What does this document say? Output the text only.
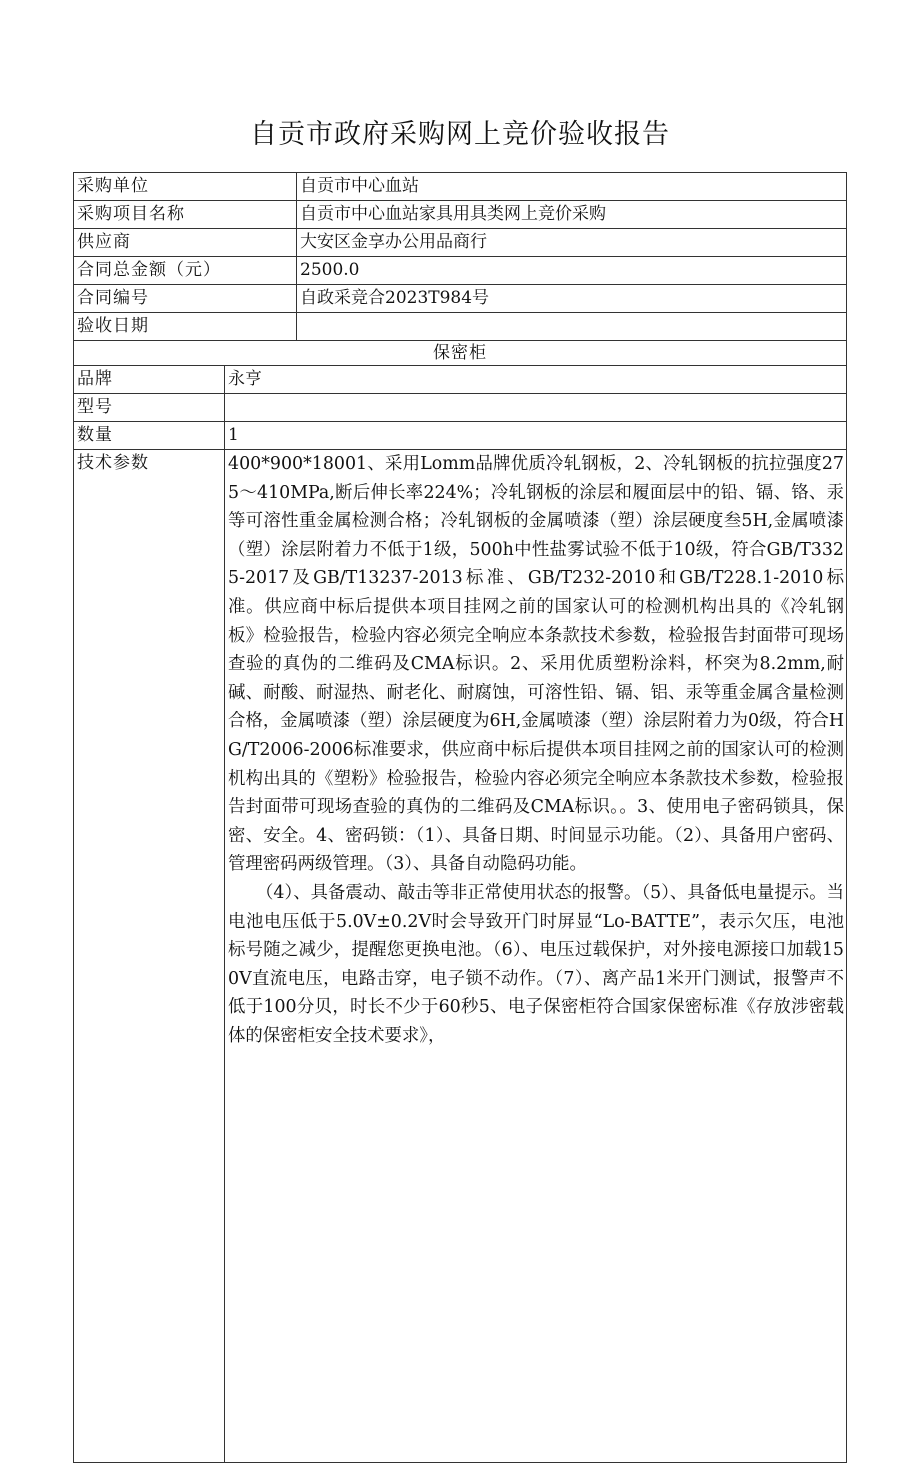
自贡市政府采购网上竞价验收报告
采购单位		自贡市中心血站
采购项目名称		自贡市中心血站家具用具类网上竞价采购
供应商		大安区金享办公用品商行
合同总金额（元）		2500.0
合同编号		自政采竞合2023T984号
验收日期		
保密柜		
品牌	永亨	
型号		
数量	1	
技术参数	400*900*18001、采用Lomm品牌优质冷轧钢板，2、冷轧钢板的抗拉强度275～410MPa,断后伸长率224%；冷轧钢板的涂层和履面层中的铅、镉、铬、汞等可溶性重金属检测合格；冷轧钢板的金属喷漆（塑）涂层硬度叁5H,金属喷漆（塑）涂层附着力不低于1级，500h中性盐雾试验不低于10级，符合GB/T3325-2017及GB/T13237-2013标准、GB/T232-2010和GB/T228.1-2010标准。供应商中标后提供本项目挂网之前的国家认可的检测机构出具的《冷轧钢板》检验报告，检验内容必须完全响应本条款技术参数，检验报告封面带可现场查验的真伪的二维码及CMA标识。2、采用优质塑粉涂料，杯突为8.2mm,耐碱、耐酸、耐湿热、耐老化、耐腐蚀，可溶性铅、镉、铝、汞等重金属含量检测合格，金属喷漆（塑）涂层硬度为6H,金属喷漆（塑）涂层附着力为0级，符合HG/T2006-2006标准要求，供应商中标后提供本项目挂网之前的国家认可的检测机构出具的《塑粉》检验报告，检验内容必须完全响应本条款技术参数，检验报告封面带可现场查验的真伪的二维码及CMA标识。。3、使用电子密码锁具，保密、安全。4、密码锁：（1）、具备日期、时间显示功能。（2）、具备用户密码、管理密码两级管理。（3）、具备自动隐码功能。

（4）、具备震动、敲击等非正常使用状态的报警。（5）、具备低电量提示。当电池电压低于5.0V±0.2V时会导致开门时屏显“Lo-BATTE”，表示欠压，电池标号随之减少，提醒您更换电池。（6）、电压过载保护，对外接电源接口加载150V直流电压，电路击穿，电子锁不动作。（7）、离产品1米开门测试，报警声不低于100分贝，时长不少于60秒5、电子保密柜符合国家保密标准《存放涉密载体的保密柜安全技术要求》，	
